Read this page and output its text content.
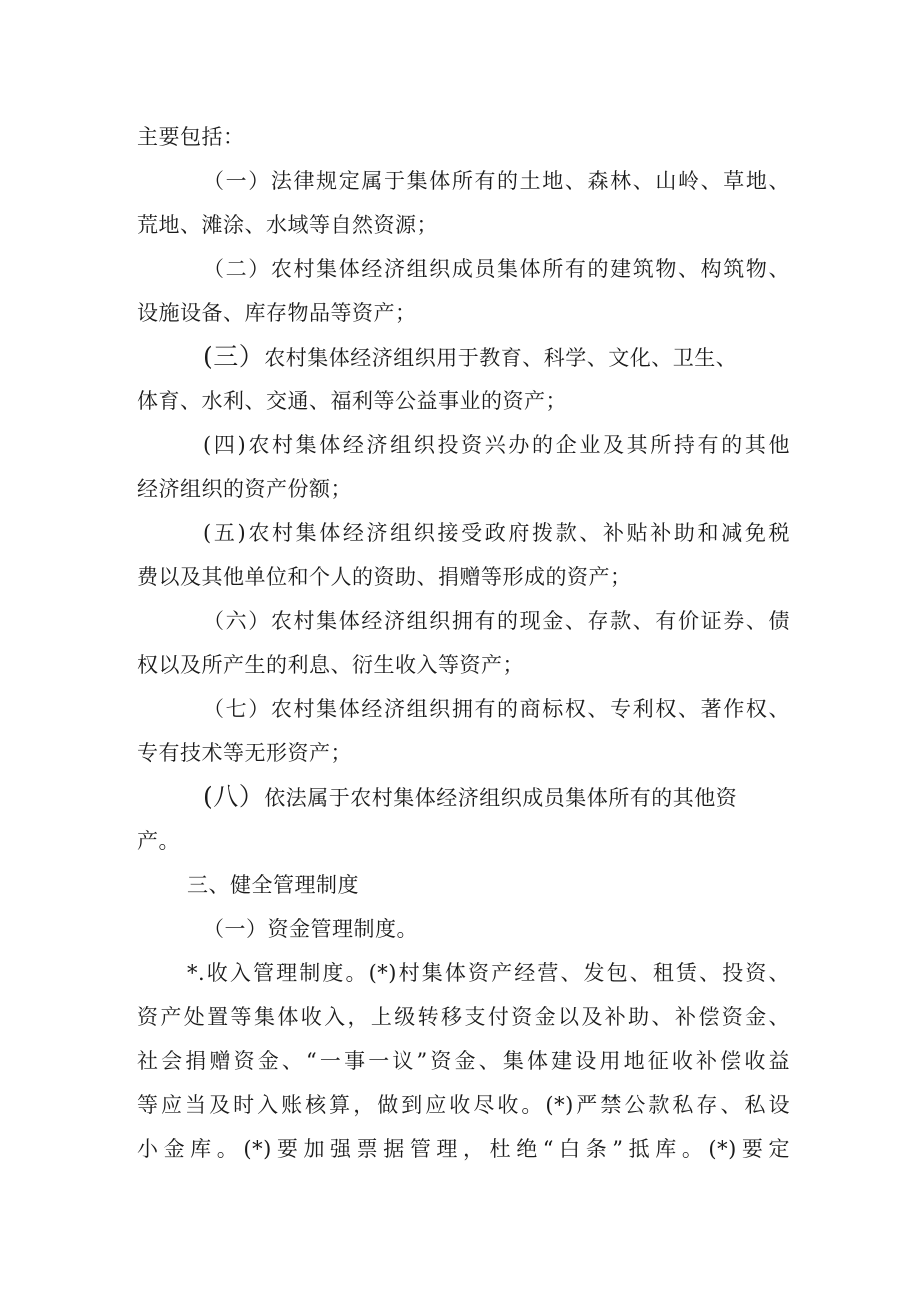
主要包括：
（一）法律规定属于集体所有的土地、森林、山岭、草地、
荒地、滩涂、水域等自然资源；
（二）农村集体经济组织成员集体所有的建筑物、构筑物、
设施设备、库存物品等资产；
(三）农村集体经济组织用于教育、科学、文化、卫生、
体育、水利、交通、福利等公益事业的资产；
(四)农村集体经济组织投资兴办的企业及其所持有的其他
经济组织的资产份额；
(五)农村集体经济组织接受政府拨款、补贴补助和减免税
费以及其他单位和个人的资助、捐赠等形成的资产；
（六）农村集体经济组织拥有的现金、存款、有价证券、债
权以及所产生的利息、衍生收入等资产；
（七）农村集体经济组织拥有的商标权、专利权、著作权、
专有技术等无形资产；
(八）依法属于农村集体经济组织成员集体所有的其他资
产。
三、健全管理制度
（一）资金管理制度。
*.收入管理制度。(*)村集体资产经营、发包、租赁、投资、
资产处置等集体收入，上级转移支付资金以及补助、补偿资金、
社会捐赠资金、“一事一议”资金、集体建设用地征收补偿收益
等应当及时入账核算，做到应收尽收。(*)严禁公款私存、私设
小金库。(*)要加强票据管理，杜绝“白条”抵库。(*)要定
